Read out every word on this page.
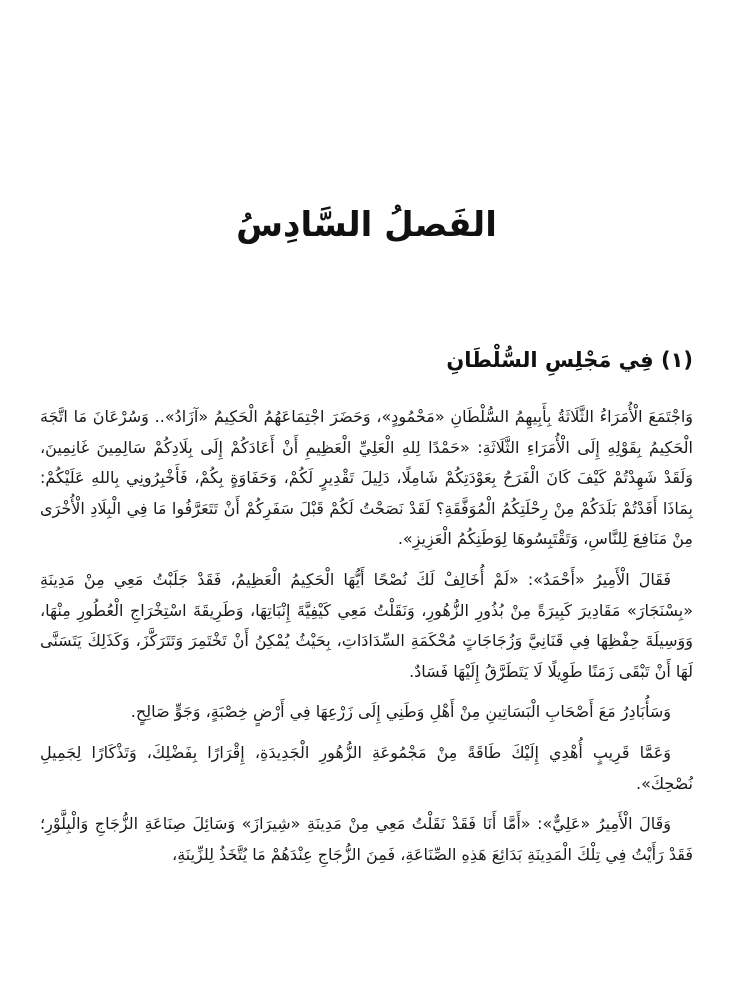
الفَصلُ السَّادِسُ
(١) فِي مَجْلِسِ السُّلْطَانِ

وَاجْتَمَعَ الْأُمَرَاءُ الثَّلَاثَةُ بِأَبِيهِمُ السُّلْطَانِ «مَحْمُودٍ»، وَحَضَرَ اجْتِمَاعَهُمُ الْحَكِيمُ «آزَادُ».. وَسُرْعَانَ مَا اتَّجَهَ الْحَكِيمُ بِقَوْلِهِ إِلَى الْأُمَرَاءِ الثَّلَاثَةِ: «حَمْدًا لِلهِ الْعَلِيِّ الْعَظِيمِ أَنْ أَعَادَكُمْ إِلَى بِلَادِكُمْ سَالِمِينَ غَانِمِينَ، وَلَقَدْ شَهِدْتُمْ كَيْفَ كَانَ الْفَرَحُ بِعَوْدَتِكُمْ شَامِلًا، دَلِيلَ تَقْدِيرٍ لَكُمْ، وَحَفَاوَةٍ بِكُمْ، فَأَخْبِرُونِي بِاللهِ عَلَيْكُمْ: بِمَاذَا أَفَدْتُمْ بَلَدَكُمْ مِنْ رِحْلَتِكُمُ الْمُوَفَّقَةِ؟ لَقَدْ نَصَحْتُ لَكُمْ قَبْلَ سَفَرِكُمْ أَنْ تَتَعَرَّفُوا مَا فِي الْبِلَادِ الْأُخْرَى مِنْ مَنَافِعَ لِلنَّاسِ، وَتَقْتَبِسُوهَا لِوَطَنِكُمُ الْعَزِيزِ».

فَقَالَ الْأَمِيرُ «أَحْمَدُ»: «لَمْ أُخَالِفْ لَكَ نُصْحًا أَيُّهَا الْحَكِيمُ الْعَظِيمُ، فَقَدْ جَلَبْتُ مَعِي مِنْ مَدِينَةِ «بِسْنَجَارَ» مَقَادِيرَ كَبِيرَةً مِنْ بُذُورِ الزُّهُورِ، وَنَقَلْتُ مَعِي كَيْفِيَّةَ إِنْبَاتِهَا، وَطَرِيقَةَ اسْتِخْرَاجِ الْعُطُورِ مِنْهَا، وَوَسِيلَةَ حِفْظِهَا فِي قَنَانِيَّ وَزُجَاجَاتٍ مُحْكَمَةِ السِّدَادَاتِ، بِحَيْثُ يُمْكِنُ أَنْ تَخْتَمِرَ وَتَتَرَكَّزَ، وَكَذَلِكَ يَتَسَنَّى لَهَا أَنْ تَبْقَى زَمَنًا طَوِيلًا لَا يَتَطَرَّقُ إِلَيْهَا فَسَادٌ.

وَسَأُبَادِرُ مَعَ أَصْحَابِ الْبَسَاتِينِ مِنْ أَهْلِ وَطَنِي إِلَى زَرْعِهَا فِي أَرْضٍ خِصْبَةٍ، وَجَوٍّ صَالِحٍ.

وَعَمَّا قَرِيبٍ أُهْدِي إِلَيْكَ طَاقَةً مِنْ مَجْمُوعَةِ الزُّهُورِ الْجَدِيدَةِ، إِقْرَارًا بِفَضْلِكَ، وَتَذْكَارًا لِجَمِيلِ نُصْحِكَ».

وَقَالَ الْأَمِيرُ «عَلِيٌّ»: «أَمَّا أَنَا فَقَدْ نَقَلْتُ مَعِي مِنْ مَدِينَةِ «شِيرَازَ» وَسَائِلَ صِنَاعَةِ الزُّجَاجِ وَالْبِلَّوْرِ؛ فَقَدْ رَأَيْتُ فِي تِلْكَ الْمَدِينَةِ بَدَائِعَ هَذِهِ الصِّنَاعَةِ، فَمِنَ الزُّجَاجِ عِنْدَهُمْ مَا يُتَّخَذُ لِلزِّينَةِ،
